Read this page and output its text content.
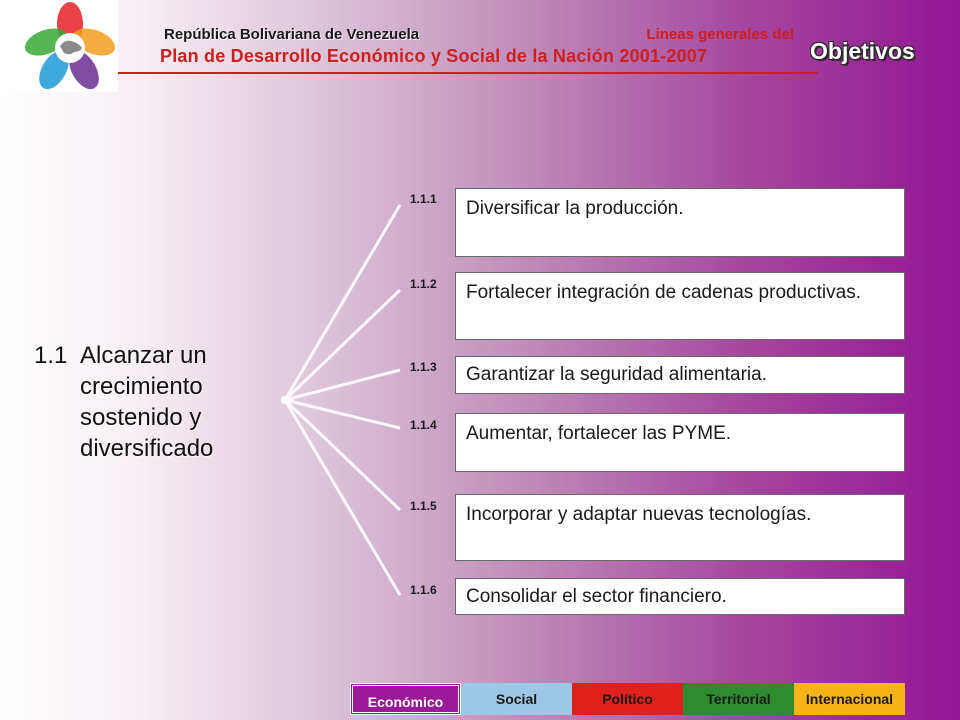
República Bolivariana de Venezuela	Lineas generales del
Plan de Desarrollo Económico y Social de la Nación 2001-2007	Objetivos
1.1 Alcanzar un crecimiento sostenido y diversificado
1.1.1	Diversificar la producción.
1.1.2	Fortalecer integración de cadenas productivas.
1.1.3	Garantizar la seguridad alimentaria.
1.1.4	Aumentar, fortalecer las PYME.
1.1.5	Incorporar y adaptar nuevas tecnologías.
1.1.6	Consolidar el sector financiero.
Económico	Social	Político	Territorial	Internacional
